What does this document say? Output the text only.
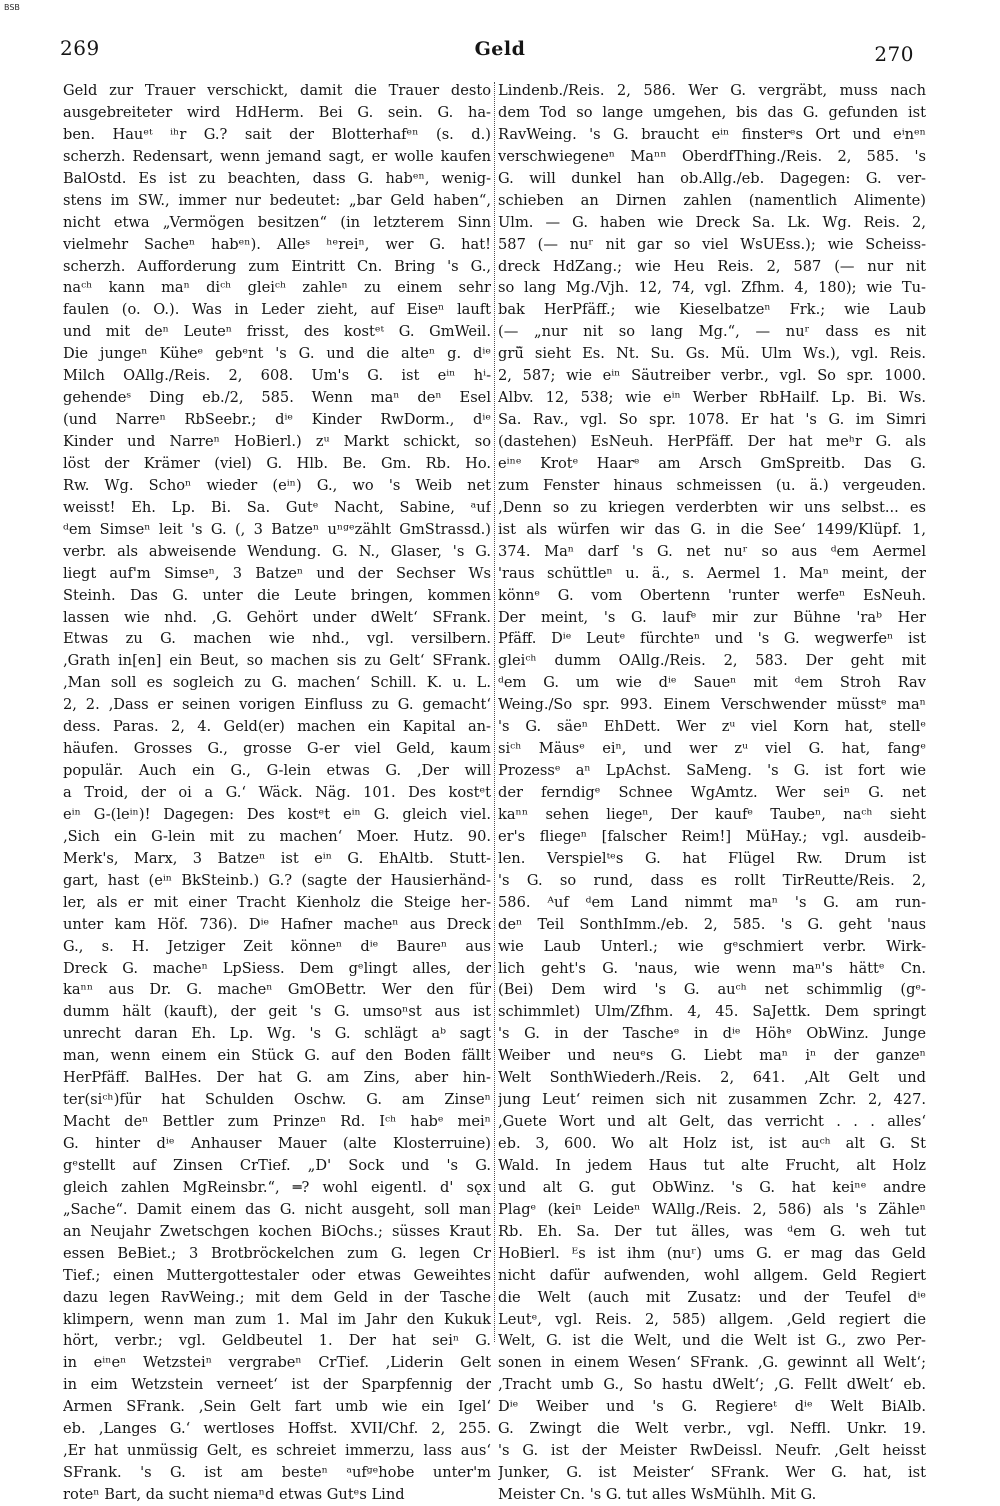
BSB
269	Geld	270
Geld zur Trauer verschickt, damit die Trauer desto
ausgebreiteter wird HdHerm. Bei G. sein. G. ha-
ben. Hauᵉᵗ ⁱʰr G.? sait der Blotterhafᵉⁿ (s. d.)
scherzh. Redensart, wenn jemand sagt, er wolle kaufen
BalOstd. Es ist zu beachten, dass G. habᵉⁿ, wenig-
stens im SW., immer nur bedeutet: „bar Geld haben“,
nicht etwa „Vermögen besitzen“ (in letzterem Sinn
vielmehr Sacheⁿ habᵉⁿ). Alleˢ ʰᵉreiⁿ, wer G. hat!
scherzh. Aufforderung zum Eintritt Cn. Bring 's G.,
naᶜʰ kann maⁿ diᶜʰ gleiᶜʰ zahleⁿ zu einem sehr
faulen (o. O.). Was in Leder zieht, auf Eiseⁿ lauft
und mit deⁿ Leuteⁿ frisst, des kostᵉᵗ G. GmWeil.
Die jungeⁿ Küheᵉ gebᵉnt 's G. und die alteⁿ g. dⁱᵉ
Milch OAllg./Reis. 2, 608. Um's G. ist eⁱⁿ hⁱ-
gehendeˢ Ding eb./2, 585. Wenn maⁿ deⁿ Esel
(und Narreⁿ RbSeebr.; dⁱᵉ Kinder RwDorm., dⁱᵉ
Kinder und Narreⁿ HoBierl.) zᵘ Markt schickt, so
löst der Krämer (viel) G. Hlb. Be. Gm. Rb. Ho.
Rw. Wg. Schoⁿ wieder (eⁱⁿ) G., wo 's Weib net
weisst! Eh. Lp. Bi. Sa. Gutᵉ Nacht, Sabine, ᵃuf
ᵈem Simseⁿ leit 's G. (, 3 Batzeⁿ uⁿᵍᵉzählt GmStrassd.)
verbr. als abweisende Wendung. G. N., Glaser, 's G.
liegt auf'm Simseⁿ, 3 Batzeⁿ und der Sechser Ws
Steinh. Das G. unter die Leute bringen, kommen
lassen wie nhd. ‚G. Gehört under dWelt‘ SFrank.
Etwas zu G. machen wie nhd., vgl. versilbern.
‚Grath in[en] ein Beut, so machen sis zu Gelt‘ SFrank.
‚Man soll es sogleich zu G. machen‘ Schill. K. u. L.
2, 2. ‚Dass er seinen vorigen Einfluss zu G. gemacht‘
dess. Paras. 2, 4. Geld(er) machen ein Kapital an-
häufen. Grosses G., grosse G-er viel Geld, kaum
populär. Auch ein G., G-lein etwas G. ‚Der will
a Troid, der oi a G.‘ Wäck. Näg. 101. Des kostᵉt
eⁱⁿ G-(leⁱⁿ)! Dagegen: Des kostᵉt eⁱⁿ G. gleich viel.
‚Sich ein G-lein mit zu machen‘ Moer. Hutz. 90.
Merk's, Marx, 3 Batzeⁿ ist eⁱⁿ G. EhAltb. Stutt-
gart, hast (eⁱⁿ BkSteinb.) G.? (sagte der Hausierhänd-
ler, als er mit einer Tracht Kienholz die Steige her-
unter kam Höf. 736). Dⁱᵉ Hafner macheⁿ aus Dreck
G., s. H. Jetziger Zeit könneⁿ dⁱᵉ Baureⁿ aus
Dreck G. macheⁿ LpSiess. Dem gᵉlingt alles, der
kaⁿⁿ aus Dr. G. macheⁿ GmOBettr. Wer den für
dumm hält (kauft), der geit 's G. umsoⁿst aus ist
unrecht daran Eh. Lp. Wg. 's G. schlägt aᵇ sagt
man, wenn einem ein Stück G. auf den Boden fällt
HerPfäff. BalHes. Der hat G. am Zins, aber hin-
ter(siᶜʰ)für hat Schulden Oschw. G. am Zinseⁿ
Macht deⁿ Bettler zum Prinzeⁿ Rd. Iᶜʰ habᵉ meiⁿ
G. hinter dⁱᵉ Anhauser Mauer (alte Klosterruine)
gᵉstellt auf Zinsen CrTief. „D' Sock und 's G.
gleich zahlen MgReinsbr.“, ═? wohl eigentl. d' sǫx
„Sache“. Damit einem das G. nicht ausgeht, soll man
an Neujahr Zwetschgen kochen BiOchs.; süsses Kraut
essen BeBiet.; 3 Brotbröckelchen zum G. legen Cr
Tief.; einen Muttergottestaler oder etwas Geweihtes
dazu legen RavWeing.; mit dem Geld in der Tasche
klimpern, wenn man zum 1. Mal im Jahr den Kukuk
hört, verbr.; vgl. Geldbeutel 1. Der hat seiⁿ G.
in eⁱⁿeⁿ Wetzsteiⁿ vergrabeⁿ CrTief. ‚Liderin Gelt
in eim Wetzstein verneet‘ ist der Sparpfennig der
Armen SFrank. ‚Sein Gelt fart umb wie ein Igel‘
eb. ‚Langes G.‘ wertloses Hoffst. XVII/Chf. 2, 255.
‚Er hat unmüssig Gelt, es schreiet immerzu, lass aus‘
SFrank. 's G. ist am besteⁿ ᵃufᵍᵉhobe unter'm
roteⁿ Bart, da sucht niemaⁿd etwas Gutᵉs Lind
Lindenb./Reis. 2, 586. Wer G. vergräbt, muss nach
dem Tod so lange umgehen, bis das G. gefunden ist
RavWeing. 's G. braucht eⁱⁿ finsterᵉs Ort und eⁱnᵉⁿ
verschwiegeneⁿ Maⁿⁿ OberdfThing./Reis. 2, 585. 's
G. will dunkel han ob.Allg./eb. Dagegen: G. ver-
schieben an Dirnen zahlen (namentlich Alimente)
Ulm. — G. haben wie Dreck Sa. Lk. Wg. Reis. 2,
587 (— nuʳ nit gar so viel WsUEss.); wie Scheiss-
dreck HdZang.; wie Heu Reis. 2, 587 (— nur nit
so lang Mg./Vjh. 12, 74, vgl. Zfhm. 4, 180); wie Tu-
bak HerPfäff.; wie Kieselbatzeⁿ Frk.; wie Laub
(— „nur nit so lang Mg.“, — nuʳ dass es nit
grü̃ sieht Es. Nt. Su. Gs. Mü. Ulm Ws.), vgl. Reis.
2, 587; wie eⁱⁿ Säutreiber verbr., vgl. So spr. 1000.
Albv. 12, 538; wie eⁱⁿ Werber RbHailf. Lp. Bi. Ws.
Sa. Rav., vgl. So spr. 1078. Er hat 's G. im Simri
(dastehen) EsNeuh. HerPfäff. Der hat meʰr G. als
eⁱⁿᵉ Krotᵉ Haarᵉ am Arsch GmSpreitb. Das G.
zum Fenster hinaus schmeissen (u. ä.) vergeuden.
‚Denn so zu kriegen verderbten wir uns selbst... es
ist als würfen wir das G. in die See‘ 1499/Klüpf. 1,
374. Maⁿ darf 's G. net nuʳ so aus ᵈem Aermel
'raus schüttleⁿ u. ä., s. Aermel 1. Maⁿ meint, der
könnᵉ G. vom Obertenn 'runter werfeⁿ EsNeuh.
Der meint, 's G. laufᵉ mir zur Bühne 'raᵇ Her
Pfäff. Dⁱᵉ Leutᵉ fürchteⁿ und 's G. wegwerfeⁿ ist
gleiᶜʰ dumm OAllg./Reis. 2, 583. Der geht mit
ᵈem G. um wie dⁱᵉ Saueⁿ mit ᵈem Stroh Rav
Weing./So spr. 993. Einem Verschwender müsstᵉ maⁿ
's G. säeⁿ EhDett. Wer zᵘ viel Korn hat, stellᵉ
siᶜʰ Mäusᵉ eiⁿ, und wer zᵘ viel G. hat, fangᵉ
Prozessᵉ aⁿ LpAchst. SaMeng. 's G. ist fort wie
der ferndigᵉ Schnee WgAmtz. Wer seiⁿ G. net
kaⁿⁿ sehen liegeⁿ, Der kaufᵉ Taubeⁿ, naᶜʰ sieht
er's fliegeⁿ [falscher Reim!] MüHay.; vgl. ausdeib-
len. Verspielᵗᵉs G. hat Flügel Rw. Drum ist
's G. so rund, dass es rollt TirReutte/Reis. 2,
586. ᴬuf ᵈem Land nimmt maⁿ 's G. am run-
deⁿ Teil SonthImm./eb. 2, 585. 's G. geht 'naus
wie Laub Unterl.; wie gᵉschmiert verbr. Wirk-
lich geht's G. 'naus, wie wenn maⁿ's hättᵉ Cn.
(Bei) Dem wird 's G. auᶜʰ net schimmlig (gᵉ-
schimmlet) Ulm/Zfhm. 4, 45. SaJettk. Dem springt
's G. in der Tascheᵉ in dⁱᵉ Höhᵉ ObWinz. Junge
Weiber und neuᵉs G. Liebt maⁿ iⁿ der ganzeⁿ
Welt SonthWiederh./Reis. 2, 641. ‚Alt Gelt und
jung Leut‘ reimen sich nit zusammen Zchr. 2, 427.
‚Guete Wort und alt Gelt, das verricht . . . alles‘
eb. 3, 600. Wo alt Holz ist, ist auᶜʰ alt G. St
Wald. In jedem Haus tut alte Frucht, alt Holz
und alt G. gut ObWinz. 's G. hat keiⁿᵉ andre
Plagᵉ (keiⁿ Leideⁿ WAllg./Reis. 2, 586) als 's Zähleⁿ
Rb. Eh. Sa. Der tut älles, was ᵈem G. weh tut
HoBierl. ᴱs ist ihm (nuʳ) ums G. er mag das Geld
nicht dafür aufwenden, wohl allgem. Geld Regiert
die Welt (auch mit Zusatz: und der Teufel dⁱᵉ
Leutᵉ, vgl. Reis. 2, 585) allgem. ‚Geld regiert die
Welt, G. ist die Welt, und die Welt ist G., zwo Per-
sonen in einem Wesen‘ SFrank. ‚G. gewinnt all Welt‘;
‚Tracht umb G., So hastu dWelt‘; ‚G. Fellt dWelt‘ eb.
Dⁱᵉ Weiber und 's G. Regiereᵗ dⁱᵉ Welt BiAlb.
G. Zwingt die Welt verbr., vgl. Neffl. Unkr. 19.
's G. ist der Meister RwDeissl. Neufr. ‚Gelt heisst
Junker, G. ist Meister‘ SFrank. Wer G. hat, ist
Meister Cn. 's G. tut alles WsMühlh. Mit G.
